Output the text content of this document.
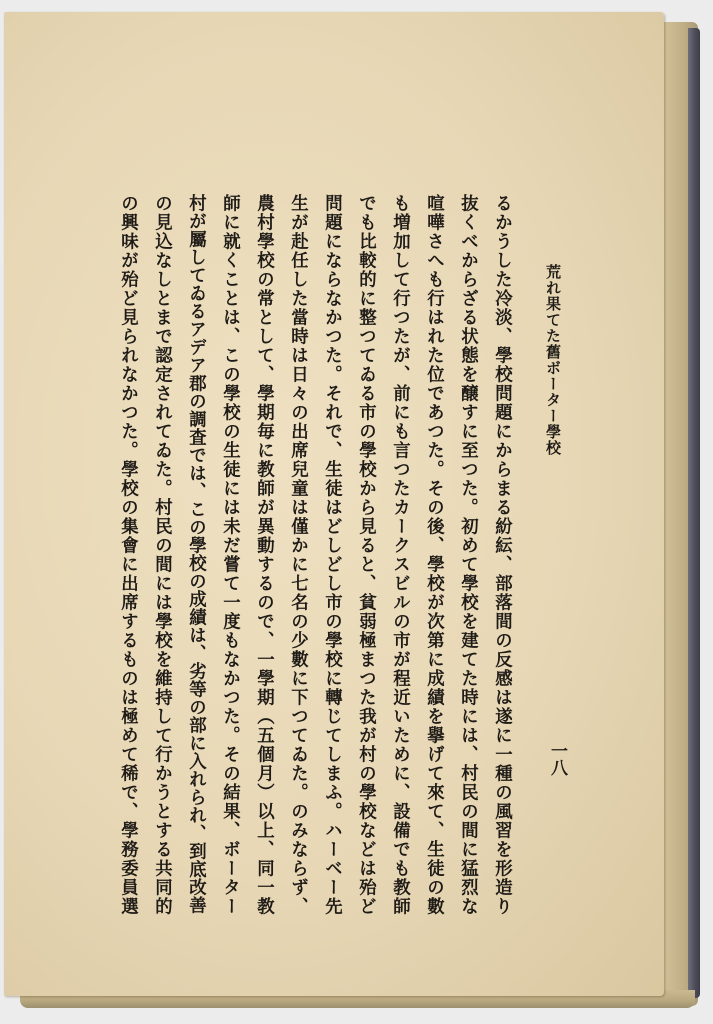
荒れ果てた舊ボーター學校
一八
るかうした冷淡、學校問題にからまる紛紜、部落間の反感は遂に一種の風習を形造り
抜くべからざる状態を醸すに至つた。初めて學校を建てた時には、村民の間に猛烈な
喧嘩さへも行はれた位であつた。その後、學校が次第に成績を擧げて來て、生徒の數
も増加して行つたが、前にも言つたカークスビルの市が程近いために、設備でも教師
でも比較的に整つてゐる市の學校から見ると、貧弱極まつた我が村の學校などは殆ど
問題にならなかつた。それで、生徒はどしどし市の學校に轉じてしまふ。ハーベー先
生が赴任した當時は日々の出席兒童は僅かに七名の少數に下つてゐた。のみならず、
農村學校の常として、學期毎に教師が異動するので、一學期（五個月）以上、同一教
師に就くことは、この學校の生徒には未だ嘗て一度もなかつた。その結果、ボーター
村が屬してゐるアデア郡の調査では、この學校の成績は、劣等の部に入れられ、到底改善
の見込なしとまで認定されてゐた。村民の間には學校を維持して行かうとする共同的
の興味が殆ど見られなかつた。學校の集會に出席するものは極めて稀で、學務委員選
